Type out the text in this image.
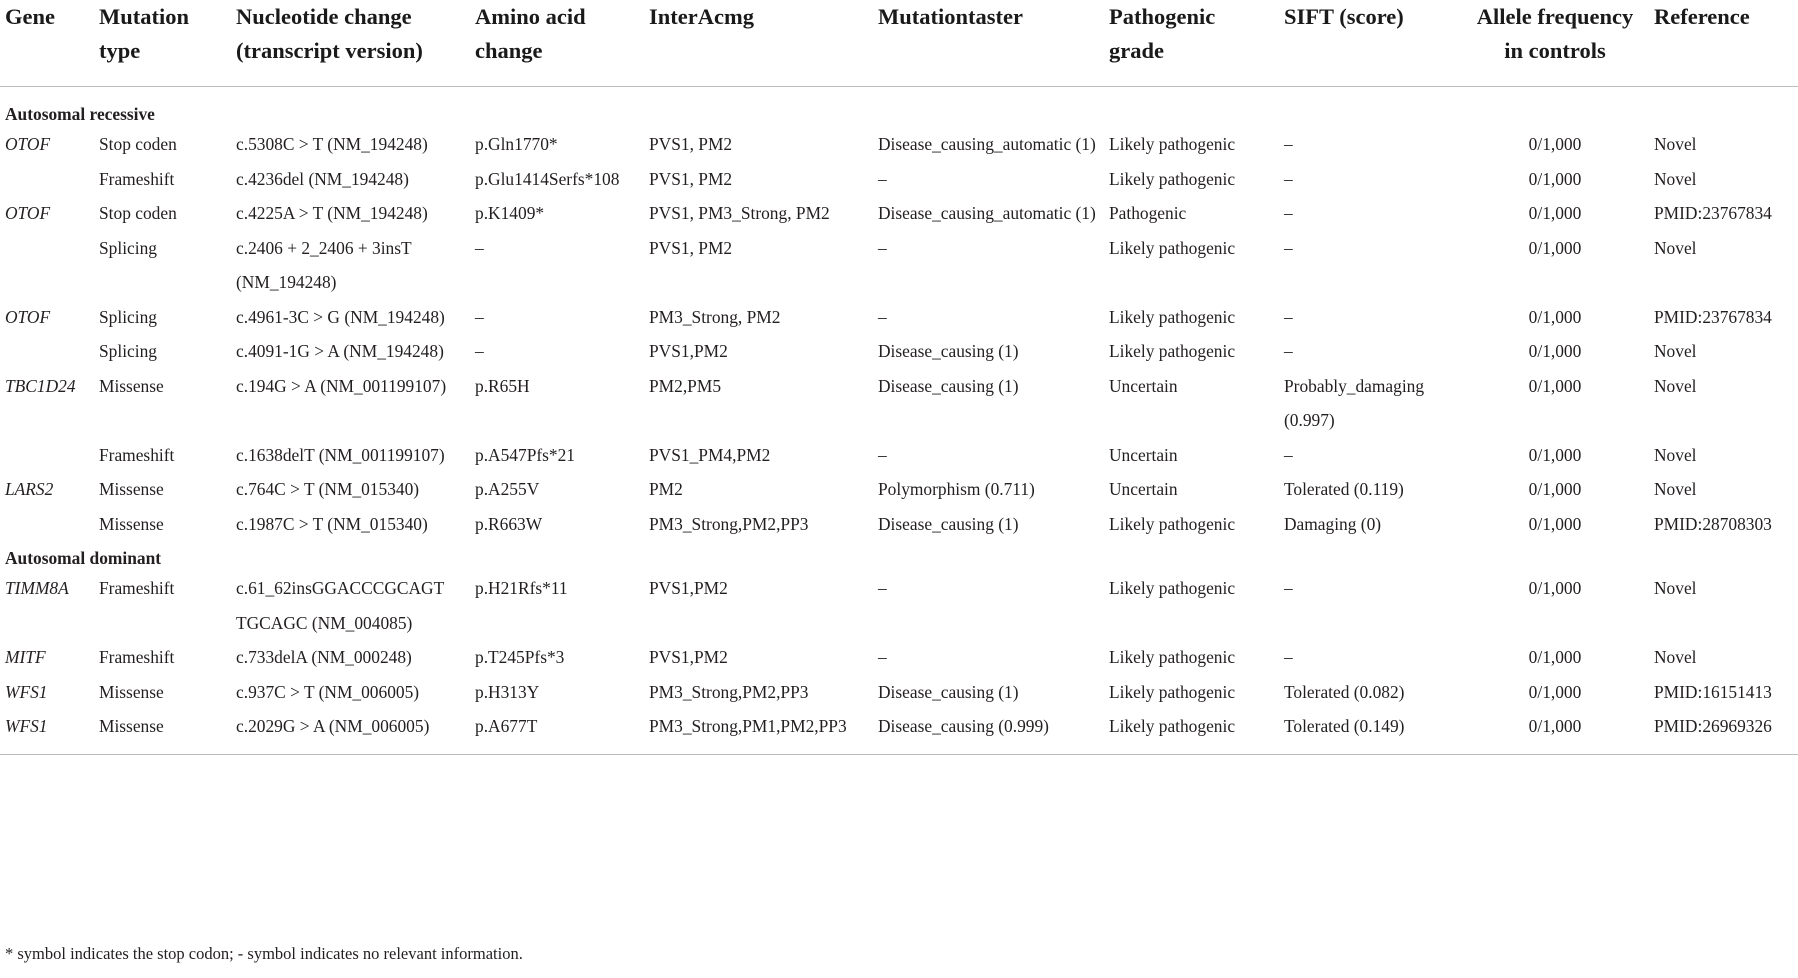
Gene	Mutation type	Nucleotide change (transcript version)	Amino acid change	InterAcmg	Mutationtaster	Pathogenic grade	SIFT (score)	Allele frequency in controls	Reference
Autosomal recessive									
OTOF	Stop coden	c.5308C > T (NM_194248)	p.Gln1770*	PVS1, PM2	Disease_causing_automatic (1)	Likely pathogenic	–	0/1,000	Novel
	Frameshift	c.4236del (NM_194248)	p.Glu1414Serfs*108	PVS1, PM2	–	Likely pathogenic	–	0/1,000	Novel
OTOF	Stop coden	c.4225A > T (NM_194248)	p.K1409*	PVS1, PM3_Strong, PM2	Disease_causing_automatic (1)	Pathogenic	–	0/1,000	PMID:23767834
	Splicing	c.2406 + 2_2406 + 3insT (NM_194248)	–	PVS1, PM2	–	Likely pathogenic	–	0/1,000	Novel
OTOF	Splicing	c.4961-3C > G (NM_194248)	–	PM3_Strong, PM2	–	Likely pathogenic	–	0/1,000	PMID:23767834
	Splicing	c.4091-1G > A (NM_194248)	–	PVS1,PM2	Disease_causing (1)	Likely pathogenic	–	0/1,000	Novel
TBC1D24	Missense	c.194G > A (NM_001199107)	p.R65H	PM2,PM5	Disease_causing (1)	Uncertain	Probably_damaging (0.997)	0/1,000	Novel
	Frameshift	c.1638delT (NM_001199107)	p.A547Pfs*21	PVS1_PM4,PM2	–	Uncertain	–	0/1,000	Novel
LARS2	Missense	c.764C > T (NM_015340)	p.A255V	PM2	Polymorphism (0.711)	Uncertain	Tolerated (0.119)	0/1,000	Novel
	Missense	c.1987C > T (NM_015340)	p.R663W	PM3_Strong,PM2,PP3	Disease_causing (1)	Likely pathogenic	Damaging (0)	0/1,000	PMID:28708303
Autosomal dominant									
TIMM8A	Frameshift	c.61_62insGGACCCGCAGT TGCAGC (NM_004085)	p.H21Rfs*11	PVS1,PM2	–	Likely pathogenic	–	0/1,000	Novel
MITF	Frameshift	c.733delA (NM_000248)	p.T245Pfs*3	PVS1,PM2	–	Likely pathogenic	–	0/1,000	Novel
WFS1	Missense	c.937C > T (NM_006005)	p.H313Y	PM3_Strong,PM2,PP3	Disease_causing (1)	Likely pathogenic	Tolerated (0.082)	0/1,000	PMID:16151413
WFS1	Missense	c.2029G > A (NM_006005)	p.A677T	PM3_Strong,PM1,PM2,PP3	Disease_causing (0.999)	Likely pathogenic	Tolerated (0.149)	0/1,000	PMID:26969326
* symbol indicates the stop codon; - symbol indicates no relevant information.
